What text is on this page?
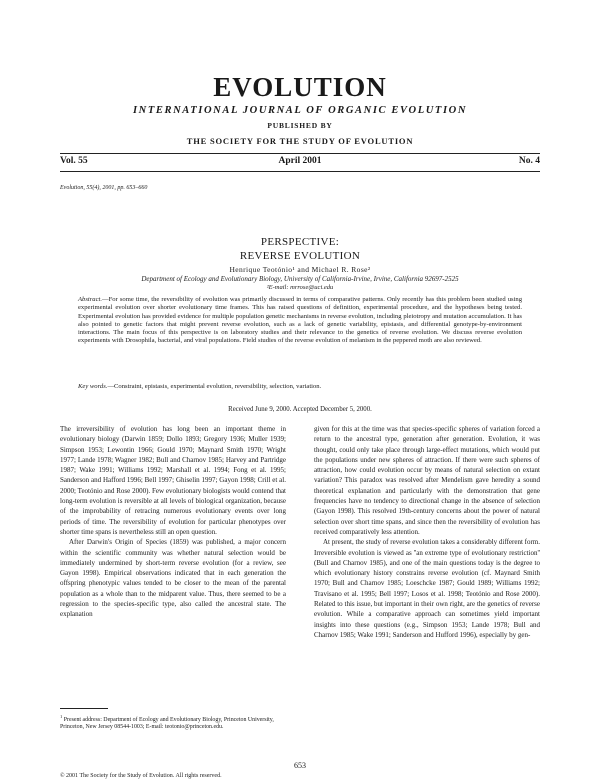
EVOLUTION
INTERNATIONAL JOURNAL OF ORGANIC EVOLUTION
PUBLISHED BY
THE SOCIETY FOR THE STUDY OF EVOLUTION
Vol. 55	April 2001	No. 4
Evolution, 55(4), 2001, pp. 653–660
PERSPECTIVE:
REVERSE EVOLUTION
Henrique Teotónio¹ and Michael R. Rose²
Department of Ecology and Evolutionary Biology, University of California-Irvine, Irvine, California 92697-2525
²E-mail: mrrose@uci.edu
Abstract.—For some time, the reversibility of evolution was primarily discussed in terms of comparative patterns. Only recently has this problem been studied using experimental evolution over shorter evolutionary time frames. This has raised questions of definition, experimental procedure, and the hypotheses being tested. Experimental evolution has provided evidence for multiple population genetic mechanisms in reverse evolution, including pleiotropy and mutation accumulation. It has also pointed to genetic factors that might prevent reverse evolution, such as a lack of genetic variability, epistasis, and differential genotype-by-environment interactions. The main focus of this perspective is on laboratory studies and their relevance to the genetics of reverse evolution. We discuss reverse evolution experiments with Drosophila, bacterial, and viral populations. Field studies of the reverse evolution of melanism in the peppered moth are also reviewed.
Key words.—Constraint, epistasis, experimental evolution, reversibility, selection, variation.
Received June 9, 2000. Accepted December 5, 2000.

The irreversibility of evolution has long been an important theme in evolutionary biology (Darwin 1859; Dollo 1893; Gregory 1936; Muller 1939; Simpson 1953; Lewontin 1966; Gould 1970; Maynard Smith 1970; Wright 1977; Lande 1978; Wagner 1982; Bull and Charnov 1985; Harvey and Partridge 1987; Wake 1991; Williams 1992; Marshall et al. 1994; Fong et al. 1995; Sanderson and Hafford 1996; Bell 1997; Ghiselin 1997; Gayon 1998; Crill et al. 2000; Teotónio and Rose 2000). Few evolutionary biologists would contend that long-term evolution is reversible at all levels of biological organization, because of the improbability of retracing numerous evolutionary events over long periods of time. The reversibility of evolution for particular phenotypes over shorter time spans is nevertheless still an open question.

After Darwin's Origin of Species (1859) was published, a major concern within the scientific community was whether natural selection would be immediately undermined by short-term reverse evolution (for a review, see Gayon 1998). Empirical observations indicated that in each generation the offspring phenotypic values tended to be closer to the mean of the parental population as a whole than to the midparent value. Thus, there seemed to be a regression to the species-specific type, also called the ancestral state. The explanation

given for this at the time was that species-specific spheres of variation forced a return to the ancestral type, generation after generation. Evolution, it was thought, could only take place through large-effect mutations, which would put the populations under new spheres of attraction. If there were such spheres of attraction, how could evolution occur by means of natural selection on extant variation? This paradox was resolved after Mendelism gave heredity a sound theoretical explanation and particularly with the demonstration that gene frequencies have no tendency to directional change in the absence of selection (Gayon 1998). This resolved 19th-century concerns about the power of natural selection over short time spans, and since then the reversibility of evolution has received comparatively less attention.

At present, the study of reverse evolution takes a considerably different form. Irreversible evolution is viewed as ''an extreme type of evolutionary restriction'' (Bull and Charnov 1985), and one of the main questions today is the degree to which evolutionary history constrains reverse evolution (cf. Maynard Smith 1970; Bull and Charnov 1985; Loeschcke 1987; Gould 1989; Williams 1992; Travisano et al. 1995; Bell 1997; Losos et al. 1998; Teotónio and Rose 2000). Related to this issue, but important in their own right, are the genetics of reverse evolution. While a comparative approach can sometimes yield important insights into these questions (e.g., Simpson 1953; Lande 1978; Bull and Charnov 1985; Wake 1991; Sanderson and Hufford 1996), especially by gen-

$^1$ Present address: Department of Ecology and Evolutionary Biology, Princeton University, Princeton, New Jersey 08544-1003; E-mail: teotonio@princeton.edu.
653
© 2001 The Society for the Study of Evolution. All rights reserved.
